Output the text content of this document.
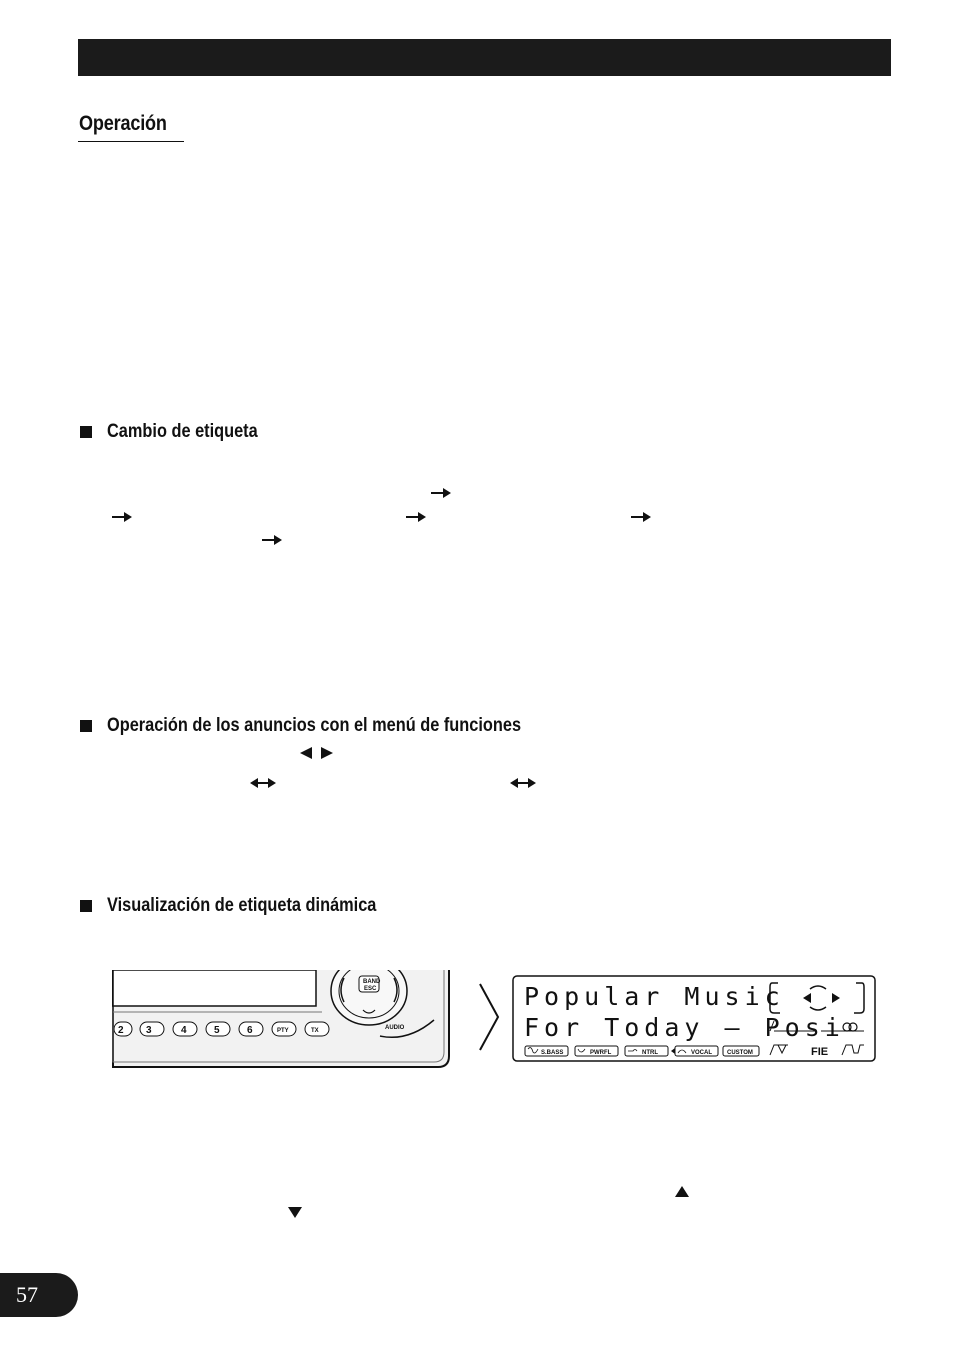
Operación
Cambio de etiqueta
Operación de los anuncios con el menú de funciones
Visualización de etiqueta dinámica
BAND
ESC
AUDIO
2 3	4	5	6	PTY	TX
Popular Music
For Today – Posi
S.BASS	PWRFL	NTRL	VOCAL	CUSTOM	FIE
57
